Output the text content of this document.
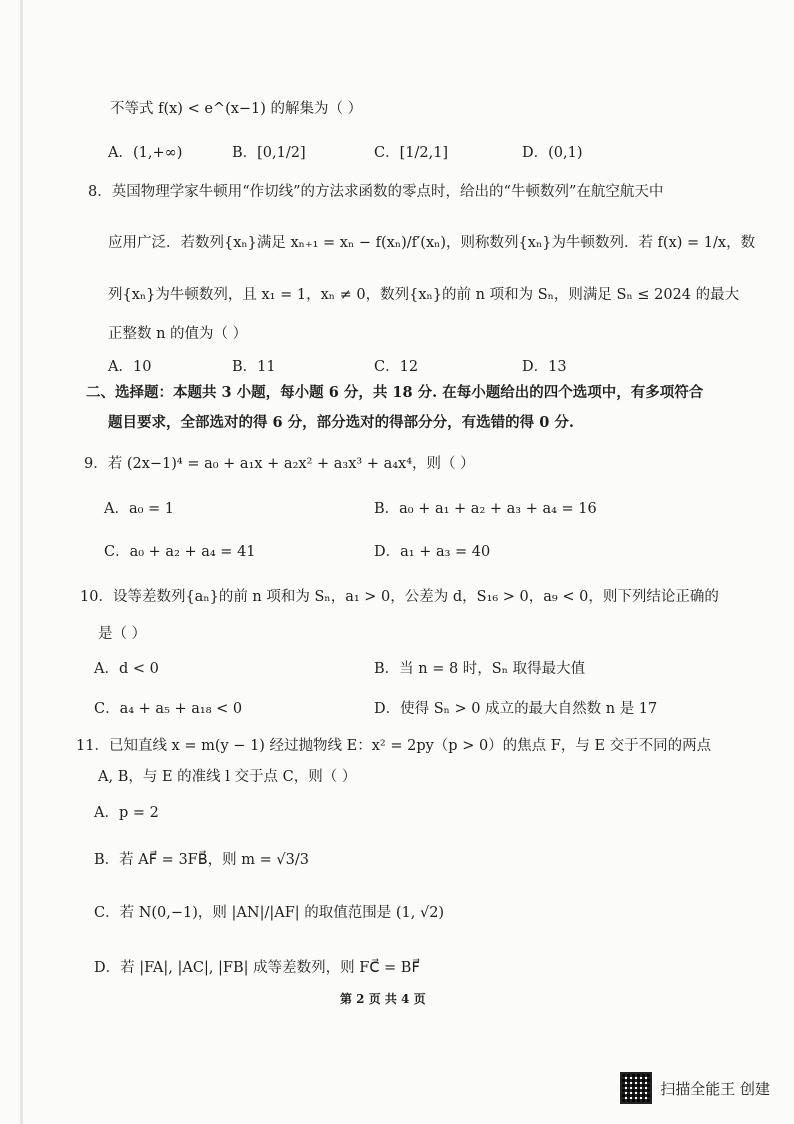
不等式 f(x) < e^(x−1) 的解集为（ ）
A．(1,+∞)	B．[0,1/2]	C．[1/2,1]	D．(0,1)
8．英国物理学家牛顿用“作切线”的方法求函数的零点时，给出的“牛顿数列”在航空航天中
应用广泛．若数列{xₙ}满足 xₙ₊₁ = xₙ − f(xₙ)/f′(xₙ)，则称数列{xₙ}为牛顿数列．若 f(x) = 1/x，数
列{xₙ}为牛顿数列，且 x₁ = 1，xₙ ≠ 0，数列{xₙ}的前 n 项和为 Sₙ，则满足 Sₙ ≤ 2024 的最大
正整数 n 的值为（ ）
A．10	B．11	C．12	D．13
二、选择题：本题共 3 小题，每小题 6 分，共 18 分. 在每小题给出的四个选项中，有多项符合
题目要求，全部选对的得 6 分，部分选对的得部分分，有选错的得 0 分.
9．若 (2x−1)⁴ = a₀ + a₁x + a₂x² + a₃x³ + a₄x⁴，则（ ）
A．a₀ = 1	B．a₀ + a₁ + a₂ + a₃ + a₄ = 16
C．a₀ + a₂ + a₄ = 41	D．a₁ + a₃ = 40
10．设等差数列{aₙ}的前 n 项和为 Sₙ，a₁ > 0，公差为 d，S₁₆ > 0，a₉ < 0，则下列结论正确的
是（ ）
A．d < 0	B．当 n = 8 时，Sₙ 取得最大值
C．a₄ + a₅ + a₁₈ < 0	D．使得 Sₙ > 0 成立的最大自然数 n 是 17
11．已知直线 x = m(y − 1) 经过抛物线 E：x² = 2py（p > 0）的焦点 F，与 E 交于不同的两点
A, B，与 E 的准线 l 交于点 C，则（ ）
A．p = 2
B．若 AF⃗ = 3FB⃗，则 m = √3/3
C．若 N(0,−1)，则 |AN|/|AF| 的取值范围是 (1, √2)
D．若 |FA|, |AC|, |FB| 成等差数列，则 FC⃗ = BF⃗
第 2 页 共 4 页
扫描全能王 创建
